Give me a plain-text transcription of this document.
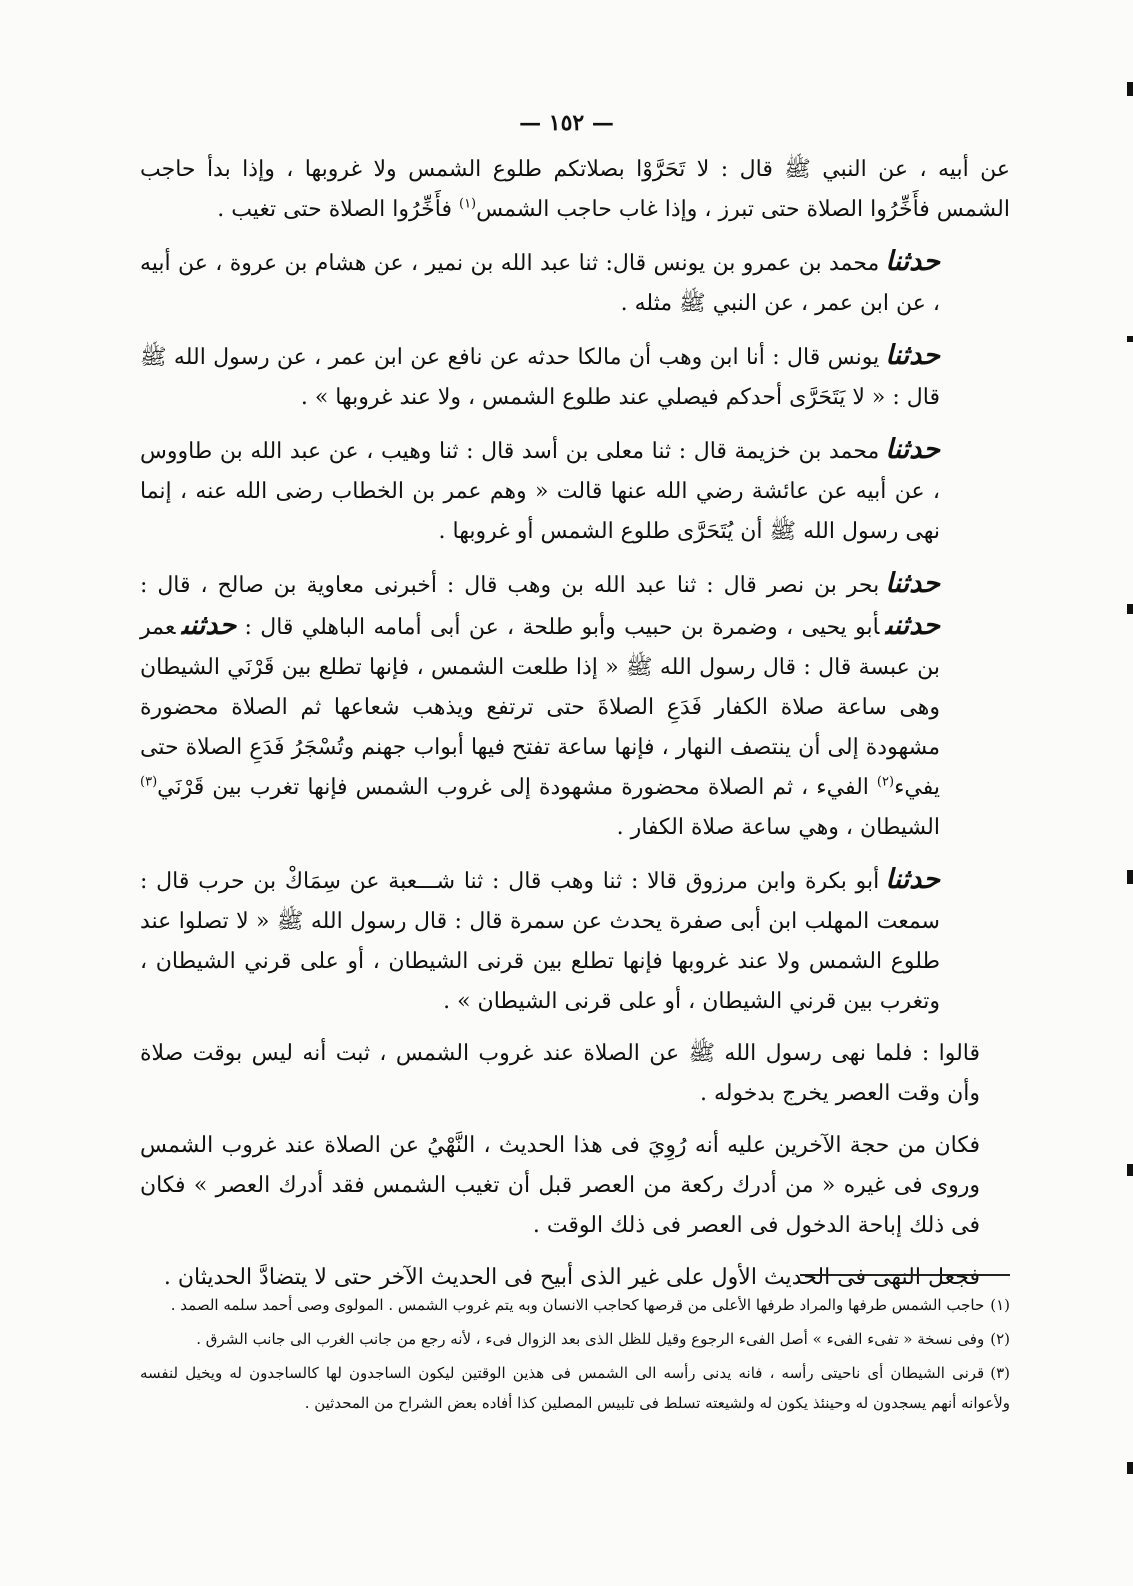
— ١٥٢ —

عن أبيه ، عن النبي ﷺ قال : لا تَحَرَّوْا بصلاتكم طلوع الشمس ولا غروبها ، وإذا بدأ حاجب الشمس فأَخِّرُوا الصلاة حتى تبرز ، وإذا غاب حاجب الشمس$^{(١)}$ فأَخِّرُوا الصلاة حتى تغيب .

حدثنامحمد بن عمرو بن يونس قال: ثنا عبد الله بن نمير ، عن هشام بن عروة ، عن أبيه ، عن ابن عمر ، عن النبي ﷺ مثله .

حدثنايونس قال : أنا ابن وهب أن مالكا حدثه عن نافع عن ابن عمر ، عن رسول الله ﷺ قال : « لا يَتَحَرَّى أحدكم فيصلي عند طلوع الشمس ، ولا عند غروبها » .

حدثنامحمد بن خزيمة قال : ثنا معلى بن أسد قال : ثنا وهيب ، عن عبد الله بن طاووس ، عن أبيه عن عائشة رضي الله عنها قالت « وهم عمر بن الخطاب رضى الله عنه ، إنما نهى رسول الله ﷺ أن يُتَحَرَّى طلوع الشمس أو غروبها .

حدثنابحر بن نصر قال : ثنا عبد الله بن وهب قال : أخبرنى معاوية بن صالح ، قال : حدثنىأبو يحيى ، وضمرة بن حبيب وأبو طلحة ، عن أبى أمامه الباهلي قال : حدثنىعمر بن عبسة قال : قال رسول الله ﷺ « إذا طلعت الشمس ، فإنها تطلع بين قَرْنَي الشيطان وهى ساعة صلاة الكفار فَدَعِ الصلاةَ حتى ترتفع ويذهب شعاعها ثم الصلاة محضورة مشهودة إلى أن ينتصف النهار ، فإنها ساعة تفتح فيها أبواب جهنم وتُسْجَرُ فَدَعِ الصلاة حتى يفيء$^{(٢)}$ الفيء ، ثم الصلاة محضورة مشهودة إلى غروب الشمس فإنها تغرب بين قَرْنَي$^{(٣)}$ الشيطان ، وهي ساعة صلاة الكفار .

حدثناأبو بكرة وابن مرزوق قالا : ثنا وهب قال : ثنا شـــعبة عن سِمَاكْ بن حرب قال : سمعت المهلب ابن أبى صفرة يحدث عن سمرة قال : قال رسول الله ﷺ « لا تصلوا عند طلوع الشمس ولا عند غروبها فإنها تطلع بين قرنى الشيطان ، أو على قرني الشيطان ، وتغرب بين قرني الشيطان ، أو على قرنى الشيطان » .

قالوا : فلما نهى رسول الله ﷺ عن الصلاة عند غروب الشمس ، ثبت أنه ليس بوقت صلاة وأن وقت العصر يخرج بدخوله .

فكان من حجة الآخرين عليه أنه رُوِيَ فى هذا الحديث ، النَّهْيُ عن الصلاة عند غروب الشمس وروى فى غيره « من أدرك ركعة من العصر قبل أن تغيب الشمس فقد أدرك العصر » فكان فى ذلك إباحة الدخول فى العصر فى ذلك الوقت .

فجعل النهى فى الحديث الأول على غير الذى أبيح فى الحديث الآخر حتى لا يتضادَّ الحديثان .

(١)حاجب الشمس طرفها والمراد طرفها الأعلى من قرصها كحاجب الانسان وبه يتم غروب الشمس . المولوى وصى أحمد سلمه الصمد .

(٢)وفى نسخة « تفىء الفىء » أصل الفىء الرجوع وقيل للظل الذى بعد الزوال فىء ، لأنه رجع من جانب الغرب الى جانب الشرق .

(٣)قرنى الشيطان أى ناحيتى رأسه ، فانه يدنى رأسه الى الشمس فى هذين الوقتين ليكون الساجدون لها كالساجدون له ويخيل لنفسه ولأعوانه أنهم يسجدون له وحينئذ يكون له ولشيعته تسلط فى تلبيس المصلين كذا أفاده بعض الشراح من المحدثين .
